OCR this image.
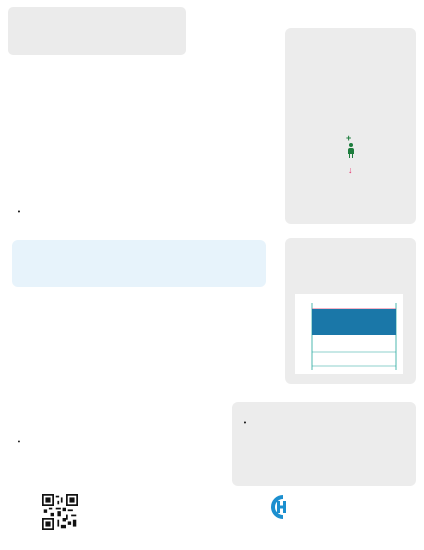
+
↓
